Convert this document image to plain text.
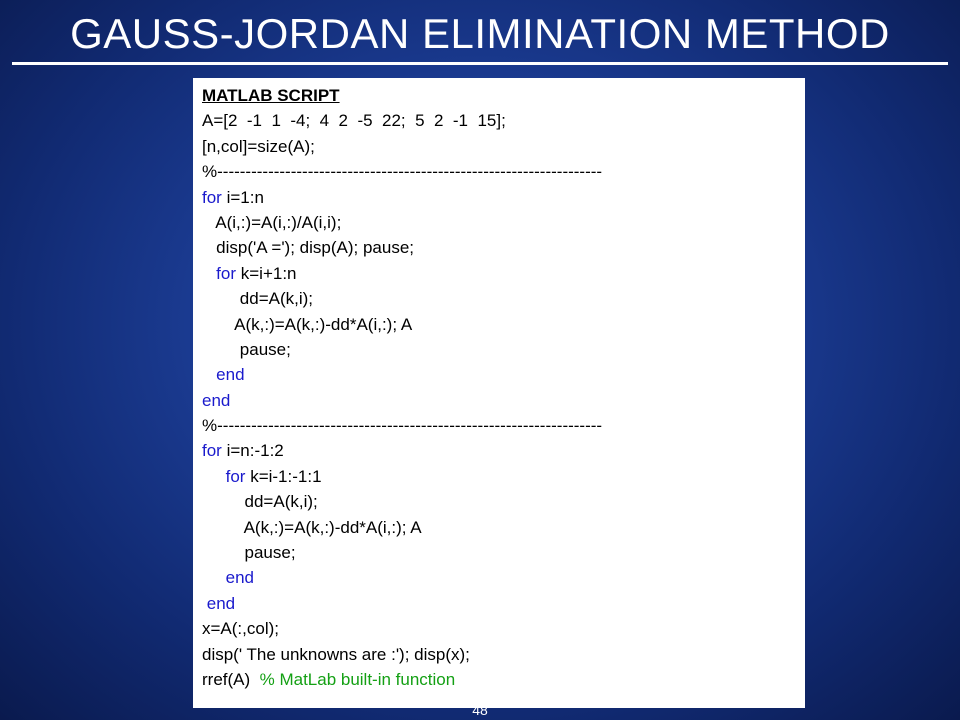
GAUSS-JORDAN ELIMINATION METHOD
MATLAB SCRIPT
A=[2  -1  1  -4;  4  2  -5  22;  5  2  -1  15];
[n,col]=size(A);
%--------------------------------------------------------------------
for i=1:n
A(i,:)=A(i,:)/A(i,i);
disp('A ='); disp(A); pause;
for k=i+1:n
dd=A(k,i);
A(k,:)=A(k,:)-dd*A(i,:); A
pause;
end
end
%--------------------------------------------------------------------
for i=n:-1:2
for k=i-1:-1:1
dd=A(k,i);
A(k,:)=A(k,:)-dd*A(i,:); A
pause;
end
end
x=A(:,col);
disp(' The unknowns are :'); disp(x);
rref(A)  % MatLab built-in function
48
